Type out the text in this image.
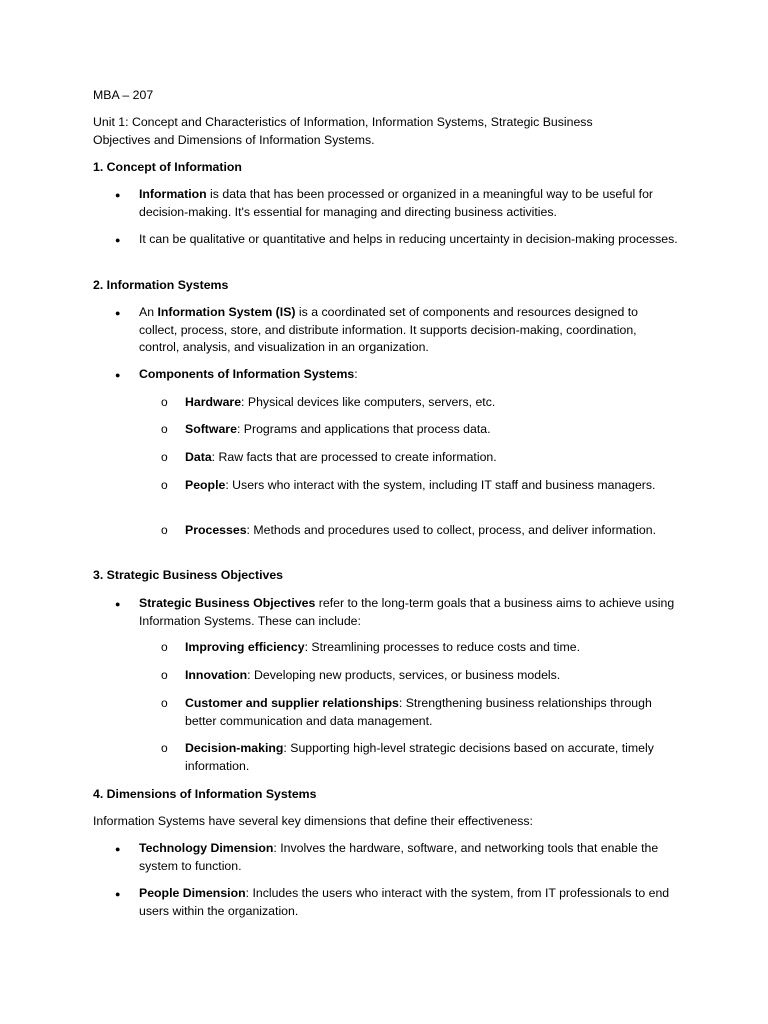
MBA – 207

Unit 1: Concept and Characteristics of Information, Information Systems, Strategic Business Objectives and Dimensions of Information Systems.

1. Concept of Information

● Information is data that has been processed or organized in a meaningful way to be useful for decision-making. It's essential for managing and directing business activities.

● It can be qualitative or quantitative and helps in reducing uncertainty in decision-making processes.

2. Information Systems

● An Information System (IS) is a coordinated set of components and resources designed to collect, process, store, and distribute information. It supports decision-making, coordination, control, analysis, and visualization in an organization.

● Components of Information Systems:

o Hardware: Physical devices like computers, servers, etc.

o Software: Programs and applications that process data.

o Data: Raw facts that are processed to create information.

o People: Users who interact with the system, including IT staff and business managers.

o Processes: Methods and procedures used to collect, process, and deliver information.

3. Strategic Business Objectives

● Strategic Business Objectives refer to the long-term goals that a business aims to achieve using Information Systems. These can include:

o Improving efficiency: Streamlining processes to reduce costs and time.

o Innovation: Developing new products, services, or business models.

o Customer and supplier relationships: Strengthening business relationships through better communication and data management.

o Decision-making: Supporting high-level strategic decisions based on accurate, timely information.

4. Dimensions of Information Systems

Information Systems have several key dimensions that define their effectiveness:

● Technology Dimension: Involves the hardware, software, and networking tools that enable the system to function.

● People Dimension: Includes the users who interact with the system, from IT professionals to end users within the organization.
